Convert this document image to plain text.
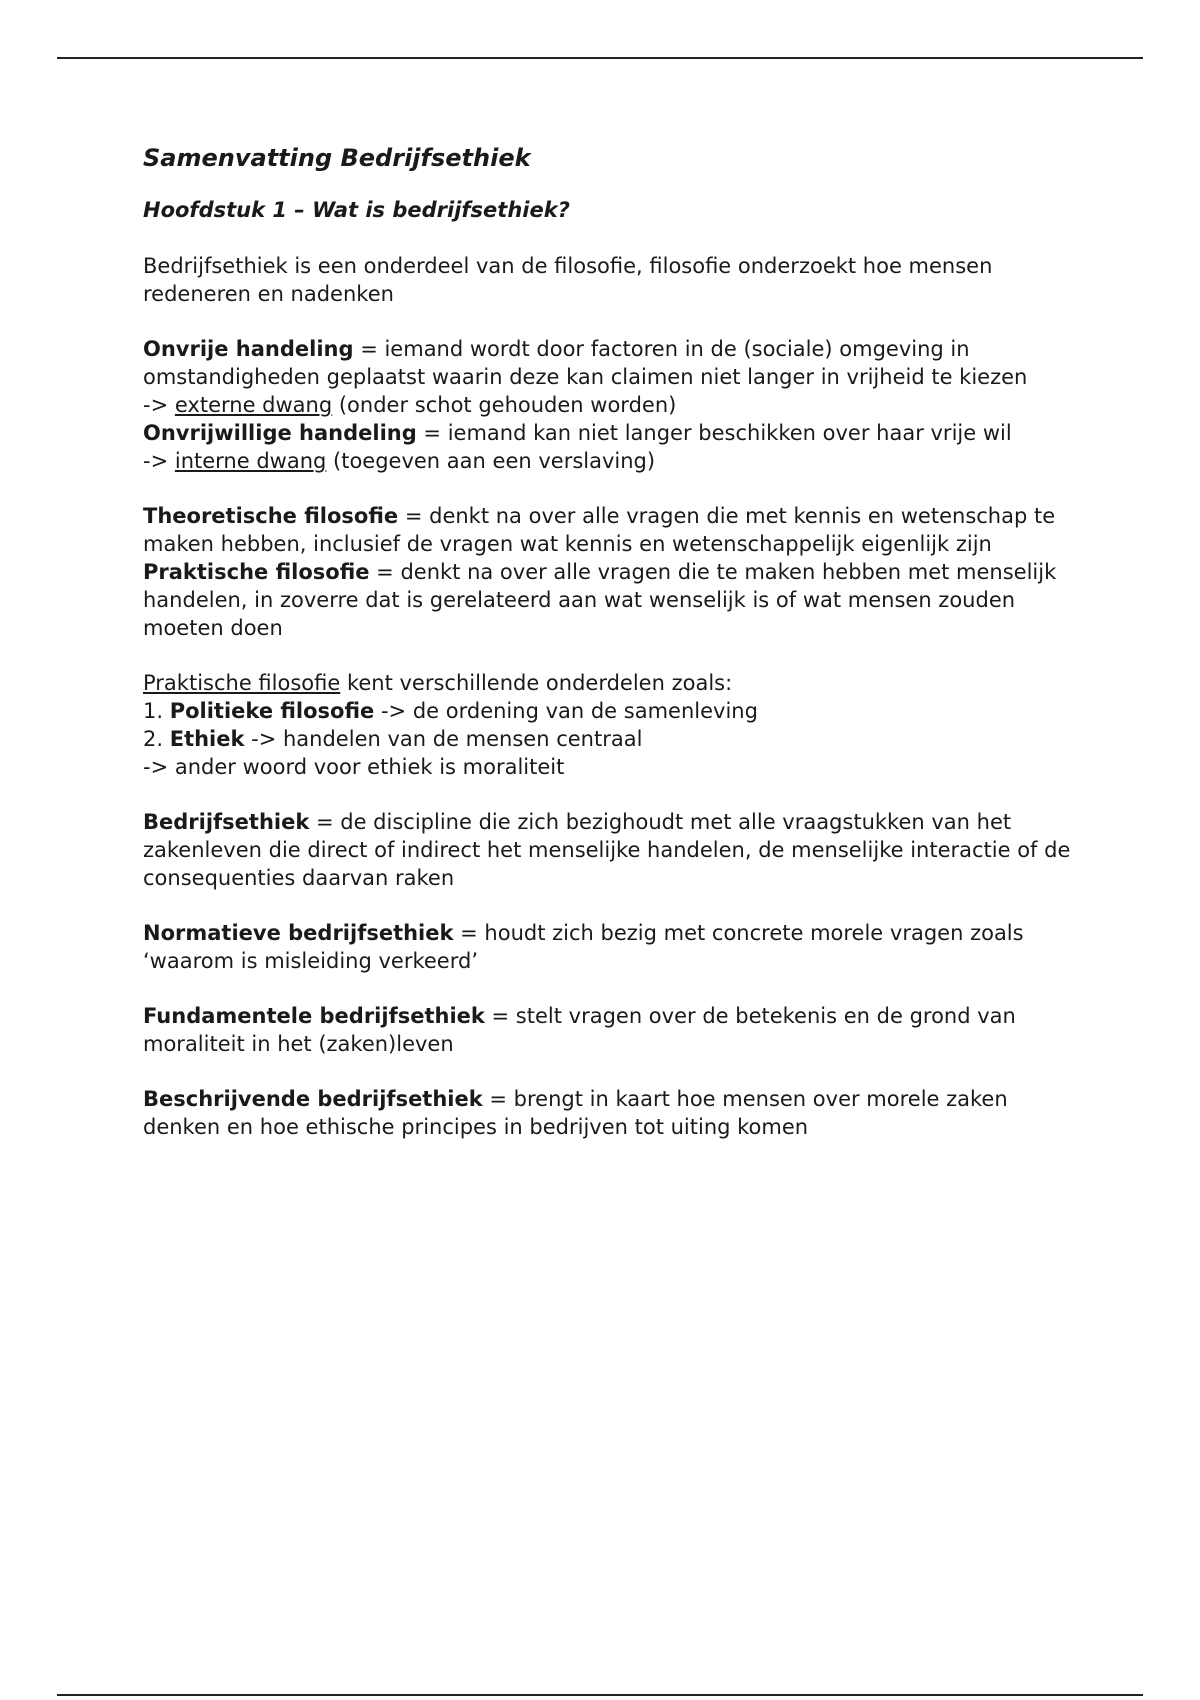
Samenvatting Bedrijfsethiek
Hoofdstuk 1 – Wat is bedrijfsethiek?

Bedrijfsethiek is een onderdeel van de filosofie, filosofie onderzoekt hoe mensen redeneren en nadenken

Onvrije handeling = iemand wordt door factoren in de (sociale) omgeving in omstandigheden geplaatst waarin deze kan claimen niet langer in vrijheid te kiezen

-> externe dwang (onder schot gehouden worden)

Onvrijwillige handeling = iemand kan niet langer beschikken over haar vrije wil

-> interne dwang (toegeven aan een verslaving)

Theoretische filosofie = denkt na over alle vragen die met kennis en wetenschap te maken hebben, inclusief de vragen wat kennis en wetenschappelijk eigenlijk zijn

Praktische filosofie = denkt na over alle vragen die te maken hebben met menselijk handelen, in zoverre dat is gerelateerd aan wat wenselijk is of wat mensen zouden moeten doen

Praktische filosofie kent verschillende onderdelen zoals:

1. Politieke filosofie -> de ordening van de samenleving

2. Ethiek -> handelen van de mensen centraal

-> ander woord voor ethiek is moraliteit

Bedrijfsethiek = de discipline die zich bezighoudt met alle vraagstukken van het zakenleven die direct of indirect het menselijke handelen, de menselijke interactie of de consequenties daarvan raken

Normatieve bedrijfsethiek = houdt zich bezig met concrete morele vragen zoals ‘waarom is misleiding verkeerd’

Fundamentele bedrijfsethiek = stelt vragen over de betekenis en de grond van moraliteit in het (zaken)leven

Beschrijvende bedrijfsethiek = brengt in kaart hoe mensen over morele zaken denken en hoe ethische principes in bedrijven tot uiting komen
